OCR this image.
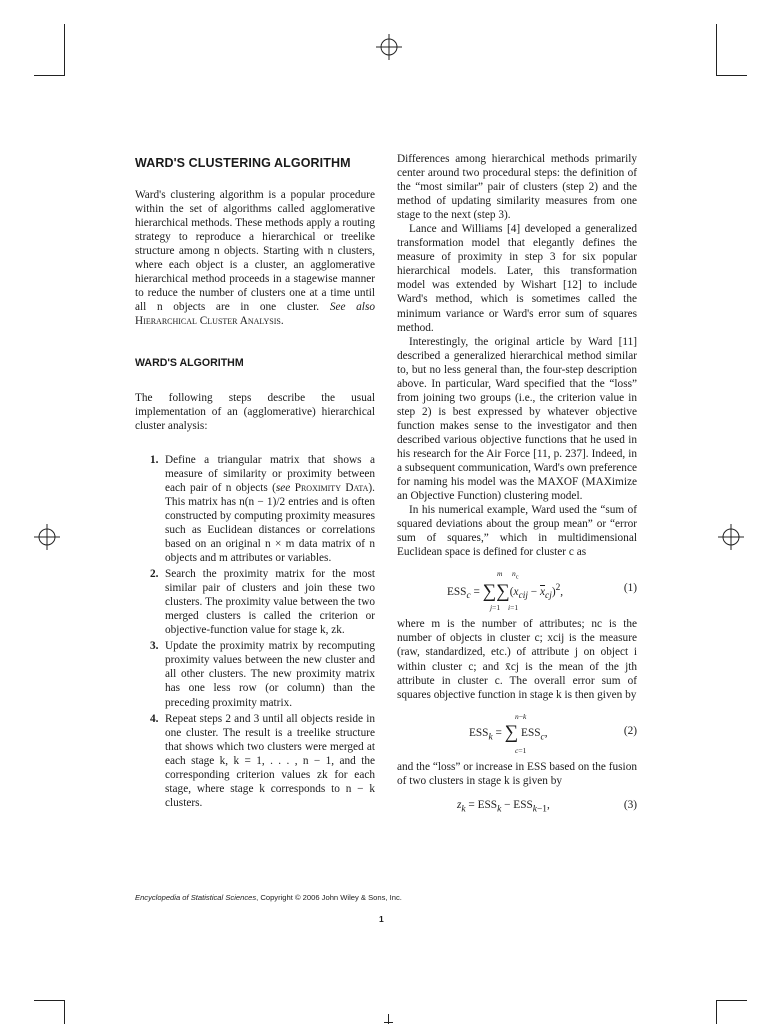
WARD'S CLUSTERING ALGORITHM

Ward's clustering algorithm is a popular procedure within the set of algorithms called agglomerative hierarchical methods. These methods apply a routing strategy to reproduce a hierarchical or treelike structure among n objects. Starting with n clusters, where each object is a cluster, an agglomerative hierarchical method proceeds in a stagewise manner to reduce the number of clusters one at a time until all n objects are in one cluster. See also Hierarchical Cluster Analysis.

WARD'S ALGORITHM

The following steps describe the usual implementation of an (agglomerative) hierarchical cluster analysis:

1. Define a triangular matrix that shows a measure of similarity or proximity between each pair of n objects (see Proximity Data). This matrix has n(n − 1)/2 entries and is often constructed by computing proximity measures such as Euclidean distances or correlations based on an original n × m data matrix of n objects and m attributes or variables.
2. Search the proximity matrix for the most similar pair of clusters and join these two clusters. The proximity value between the two merged clusters is called the criterion or objective-function value for stage k, zk.
3. Update the proximity matrix by recomputing proximity values between the new cluster and all other clusters. The new proximity matrix has one less row (or column) than the preceding proximity matrix.
4. Repeat steps 2 and 3 until all objects reside in one cluster. The result is a treelike structure that shows which two clusters were merged at each stage k, k = 1, . . . , n − 1, and the corresponding criterion values zk for each stage, where stage k corresponds to n − k clusters.

Differences among hierarchical methods primarily center around two procedural steps: the definition of the “most similar” pair of clusters (step 2) and the method of updating similarity measures from one stage to the next (step 3).

Lance and Williams [4] developed a generalized transformation model that elegantly defines the measure of proximity in step 3 for six popular hierarchical models. Later, this transformation model was extended by Wishart [12] to include Ward's method, which is sometimes called the minimum variance or Ward's error sum of squares method.

Interestingly, the original article by Ward [11] described a generalized hierarchical method similar to, but no less general than, the four-step description above. In particular, Ward specified that the “loss” from joining two groups (i.e., the criterion value in step 2) is best expressed by whatever objective function makes sense to the investigator and then described various objective functions that he used in his research for the Air Force [11, p. 237]. Indeed, in a subsequent communication, Ward's own preference for naming his model was the MAXOF (MAXimize an Objective Function) clustering model.

In his numerical example, Ward used the “sum of squared deviations about the group mean” or “error sum of squares,” which in multidimensional Euclidean space is defined for cluster c as

m $n_c$
$ESS_c = \sum\sum(x_{cij} - \overline{x}_{cj})^2$,
j=1 i=1
(1)

where m is the number of attributes; nc is the number of objects in cluster c; xcij is the measure (raw, standardized, etc.) of attribute j on object i within cluster c; and x̄cj is the mean of the jth attribute in cluster c. The overall error sum of squares objective function in stage k is then given by

n−k
$ESS_k$ = ∑ $ESS_c$,
c=1
(2)

and the “loss” or increase in ESS based on the fusion of two clusters in stage k is given by

$z_k = ESS_k - ESS_{k-1}$,	(3)
Encyclopedia of Statistical Sciences, Copyright © 2006 John Wiley & Sons, Inc.
1
